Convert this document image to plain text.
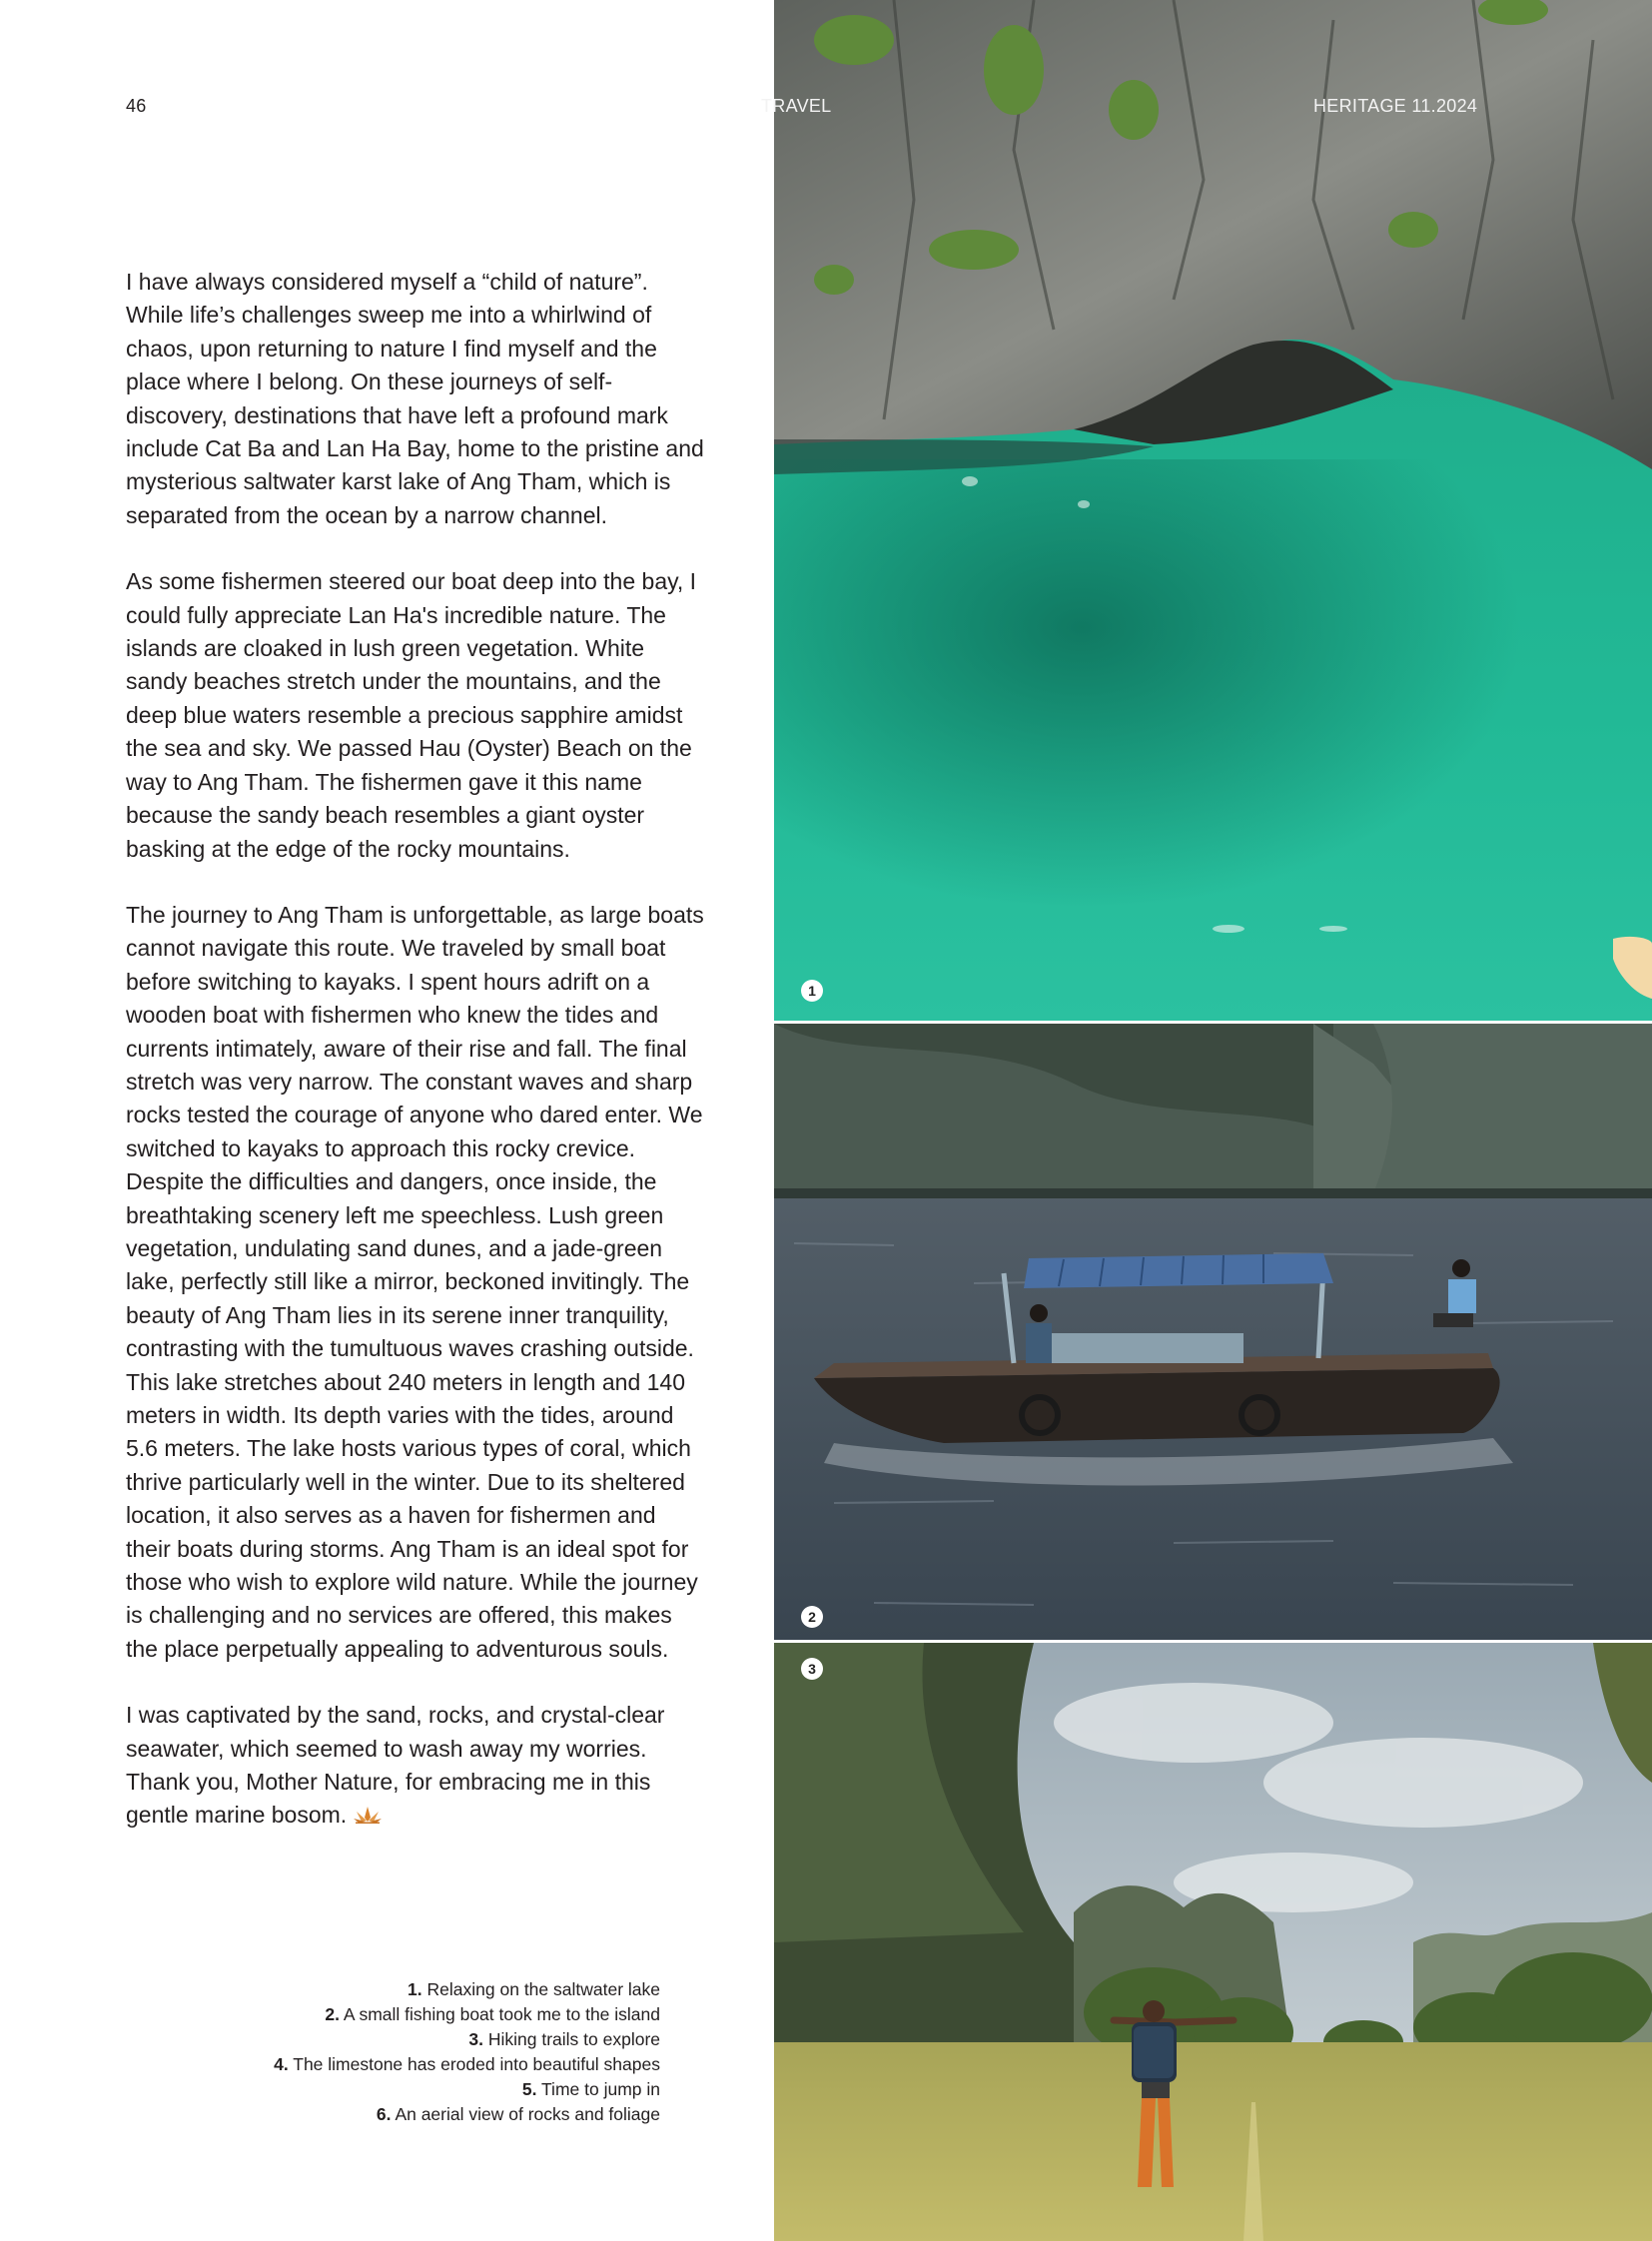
46	TRAVEL	HERITAGE 11.2024

I have always considered myself a “child of nature”. While life’s challenges sweep me into a whirlwind of chaos, upon returning to nature I find myself and the place where I belong. On these journeys of self-discovery, destinations that have left a profound mark include Cat Ba and Lan Ha Bay, home to the pristine and mysterious saltwater karst lake of Ang Tham, which is separated from the ocean by a narrow channel.

As some fishermen steered our boat deep into the bay, I could fully appreciate Lan Ha's incredible nature. The islands are cloaked in lush green vegetation. White sandy beaches stretch under the mountains, and the deep blue waters resemble a precious sapphire amidst the sea and sky. We passed Hau (Oyster) Beach on the way to Ang Tham. The fishermen gave it this name because the sandy beach resembles a giant oyster basking at the edge of the rocky mountains.

The journey to Ang Tham is unforgettable, as large boats cannot navigate this route. We traveled by small boat before switching to kayaks. I spent hours adrift on a wooden boat with fishermen who knew the tides and currents intimately, aware of their rise and fall. The final stretch was very narrow. The constant waves and sharp rocks tested the courage of anyone who dared enter. We switched to kayaks to approach this rocky crevice. Despite the difficulties and dangers, once inside, the breathtaking scenery left me speechless. Lush green vegetation, undulating sand dunes, and a jade-green lake, perfectly still like a mirror, beckoned invitingly. The beauty of Ang Tham lies in its serene inner tranquility, contrasting with the tumultuous waves crashing outside. This lake stretches about 240 meters in length and 140 meters in width. Its depth varies with the tides, around 5.6 meters. The lake hosts various types of coral, which thrive particularly well in the winter. Due to its sheltered location, it also serves as a haven for fishermen and their boats during storms. Ang Tham is an ideal spot for those who wish to explore wild nature. While the journey is challenging and no services are offered, this makes the place perpetually appealing to adventurous souls.

I was captivated by the sand, rocks, and crystal-clear seawater, which seemed to wash away my worries. Thank you, Mother Nature, for embracing me in this gentle marine bosom.

1. Relaxing on the saltwater lake
2. A small fishing boat took me to the island
3. Hiking trails to explore
4. The limestone has eroded into beautiful shapes
5. Time to jump in
6. An aerial view of rocks and foliage
1
2
3
